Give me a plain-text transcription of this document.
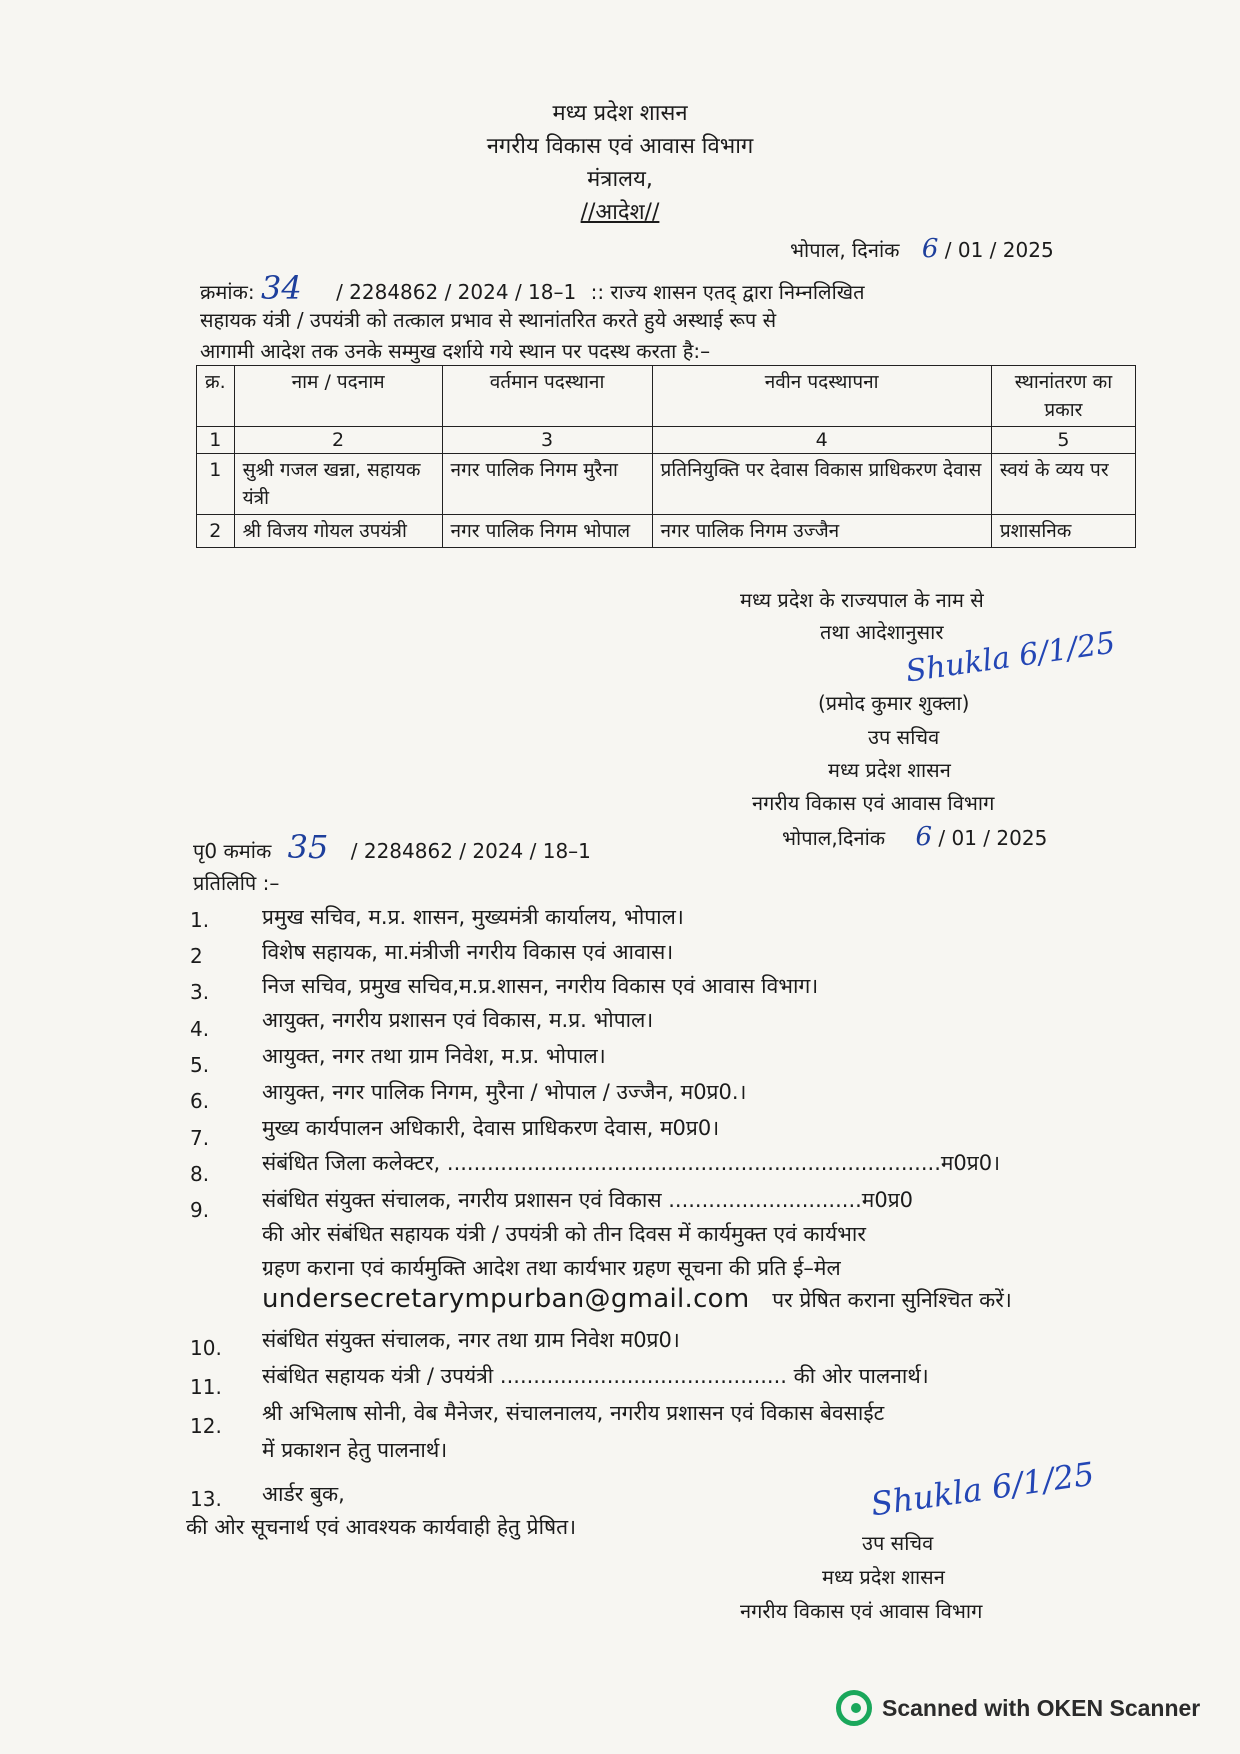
मध्य प्रदेश शासन
नगरीय विकास एवं आवास विभाग
मंत्रालय,
//आदेश//
भोपाल, दिनांक 6 / 01 / 2025
क्रमांक: 34 / 2284862 / 2024 / 18–1 :: राज्य शासन एतद् द्वारा निम्नलिखित
सहायक यंत्री / उपयंत्री को तत्काल प्रभाव से स्थानांतरित करते हुये अस्थाई रूप से
आगामी आदेश तक उनके सम्मुख दर्शाये गये स्थान पर पदस्थ करता है:–
क्र.	नाम / पदनाम	वर्तमान पदस्थाना	नवीन पदस्थापना	स्थानांतरण का प्रकार
1	2	3	4	5
1	सुश्री गजल खन्ना, सहायक यंत्री	नगर पालिक निगम मुरैना	प्रतिनियुक्ति पर देवास विकास प्राधिकरण देवास	स्वयं के व्यय पर
2	श्री विजय गोयल उपयंत्री	नगर पालिक निगम भोपाल	नगर पालिक निगम उज्जैन	प्रशासनिक
मध्य प्रदेश के राज्यपाल के नाम से
तथा आदेशानुसार
Shukla 6/1/25
(प्रमोद कुमार शुक्ला)
उप सचिव
मध्य प्रदेश शासन
नगरीय विकास एवं आवास विभाग
पृ0 कमांक 35 / 2284862 / 2024 / 18–1
भोपाल,दिनांक 6 / 01 / 2025
प्रतिलिपि :–
1.	प्रमुख सचिव, म.प्र. शासन, मुख्यमंत्री कार्यालय, भोपाल।
2	विशेष सहायक, मा.मंत्रीजी नगरीय विकास एवं आवास।
3.	निज सचिव, प्रमुख सचिव,म.प्र.शासन, नगरीय विकास एवं आवास विभाग।
4.	आयुक्त, नगरीय प्रशासन एवं विकास, म.प्र. भोपाल।
5.	आयुक्त, नगर तथा ग्राम निवेश, म.प्र. भोपाल।
6.	आयुक्त, नगर पालिक निगम, मुरैना / भोपाल / उज्जैन, म0प्र0.।
7.	मुख्य कार्यपालन अधिकारी, देवास प्राधिकरण देवास, म0प्र0।
8.	संबंधित जिला कलेक्टर, ..........................................................................म0प्र0।
9.	संबंधित संयुक्त संचालक, नगरीय प्रशासन एवं विकास .............................म0प्र0
की ओर संबंधित सहायक यंत्री / उपयंत्री को तीन दिवस में कार्यमुक्त एवं कार्यभार
ग्रहण कराना एवं कार्यमुक्ति आदेश तथा कार्यभार ग्रहण सूचना की प्रति ई–मेल
undersecretarympurban@gmail.com पर प्रेषित कराना सुनिश्चित करें।
10.	संबंधित संयुक्त संचालक, नगर तथा ग्राम निवेश म0प्र0।
11.	संबंधित सहायक यंत्री / उपयंत्री ........................................... की ओर पालनार्थ।
12.
श्री अभिलाष सोनी, वेब मैनेजर, संचालनालय, नगरीय प्रशासन एवं विकास बेवसाईट
में प्रकाशन हेतु पालनार्थ।
13.	आर्डर बुक,
की ओर सूचनार्थ एवं आवश्यक कार्यवाही हेतु प्रेषित।
Shukla 6/1/25
उप सचिव
मध्य प्रदेश शासन
नगरीय विकास एवं आवास विभाग
Scanned with OKEN Scanner
